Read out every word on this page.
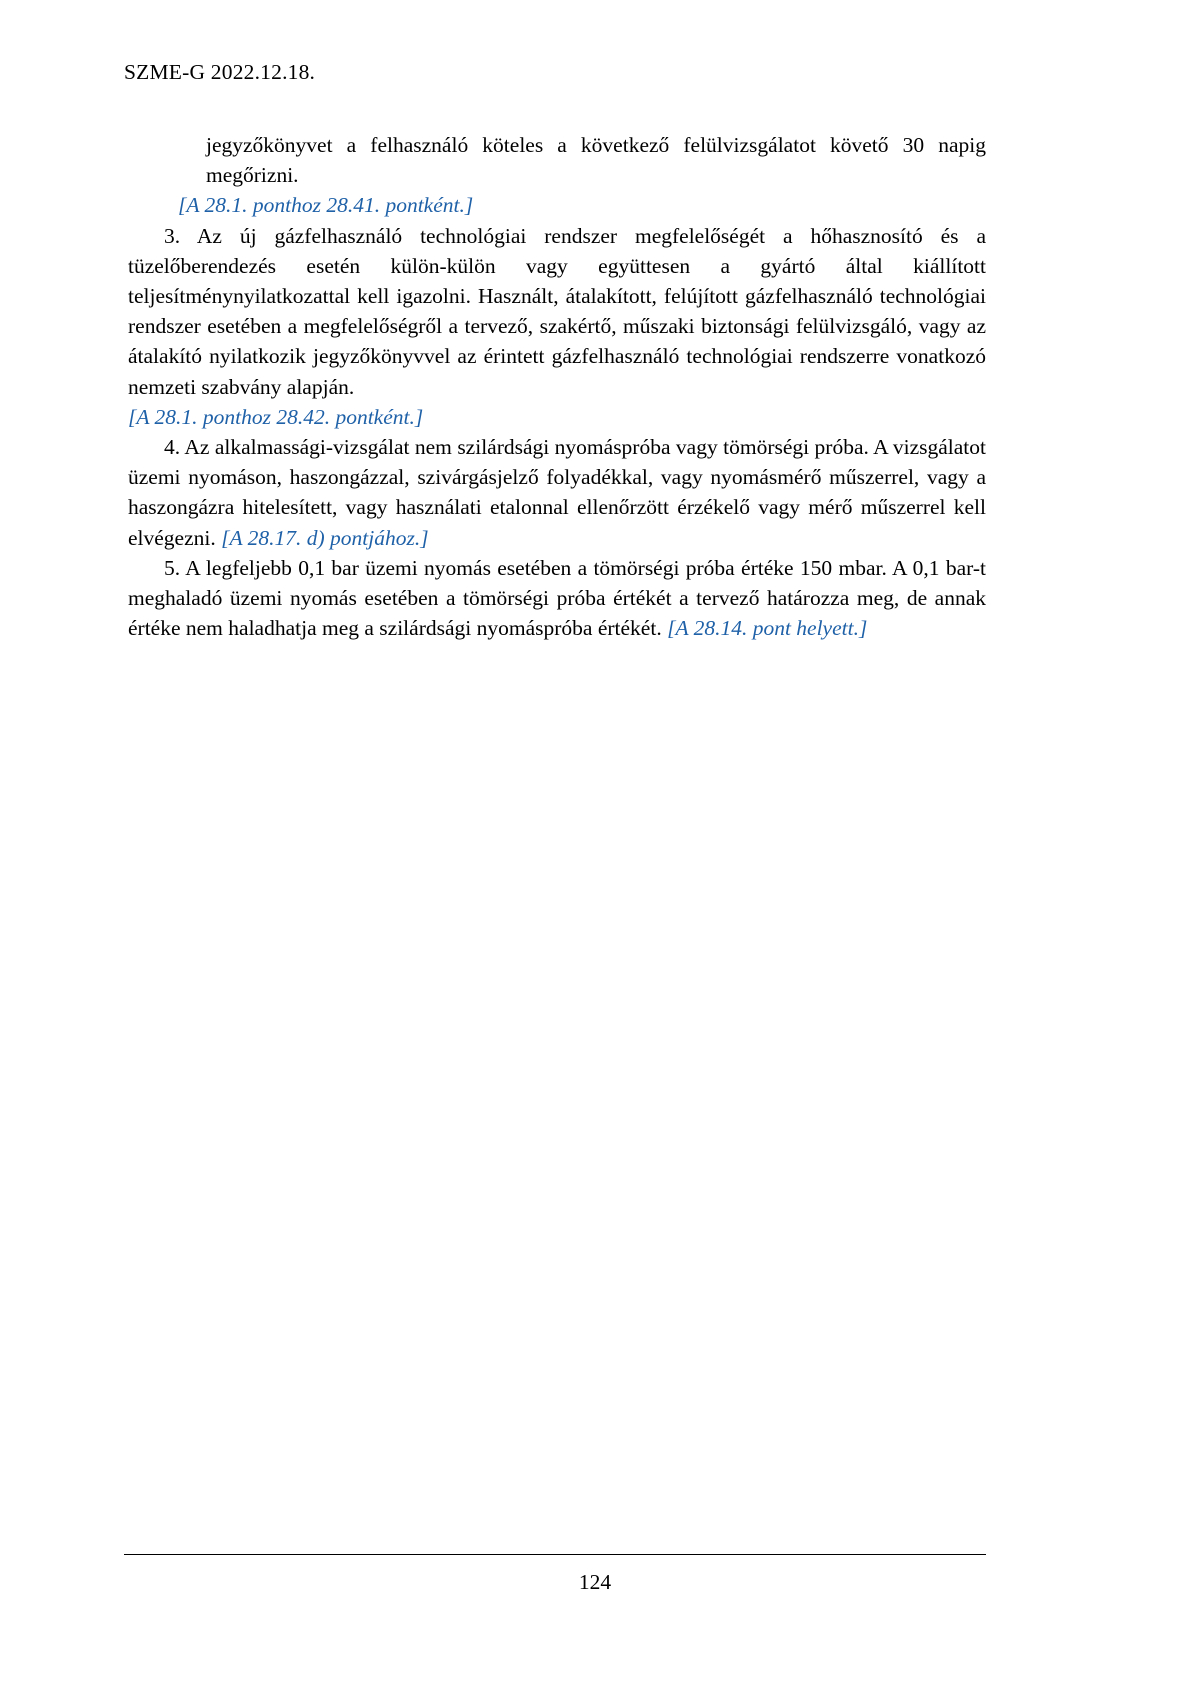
SZME-G 2022.12.18.

jegyzőkönyvet a felhasználó köteles a következő felülvizsgálatot követő 30 napig megőrizni.

[A 28.1. ponthoz 28.41. pontként.]

3. Az új gázfelhasználó technológiai rendszer megfelelőségét a hőhasznosító és a tüzelőberendezés esetén külön-külön vagy együttesen a gyártó által kiállított teljesítménynyilatkozattal kell igazolni. Használt, átalakított, felújított gázfelhasználó technológiai rendszer esetében a megfelelőségről a tervező, szakértő, műszaki biztonsági felülvizsgáló, vagy az átalakító nyilatkozik jegyzőkönyvvel az érintett gázfelhasználó technológiai rendszerre vonatkozó nemzeti szabvány alapján.

[A 28.1. ponthoz 28.42. pontként.]

4. Az alkalmassági-vizsgálat nem szilárdsági nyomáspróba vagy tömörségi próba. A vizsgálatot üzemi nyomáson, haszongázzal, szivárgásjelző folyadékkal, vagy nyomásmérő műszerrel, vagy a haszongázra hitelesített, vagy használati etalonnal ellenőrzött érzékelő vagy mérő műszerrel kell elvégezni. [A 28.17. d) pontjához.]

5. A legfeljebb 0,1 bar üzemi nyomás esetében a tömörségi próba értéke 150 mbar. A 0,1 bar-t meghaladó üzemi nyomás esetében a tömörségi próba értékét a tervező határozza meg, de annak értéke nem haladhatja meg a szilárdsági nyomáspróba értékét. [A 28.14. pont helyett.]

124
